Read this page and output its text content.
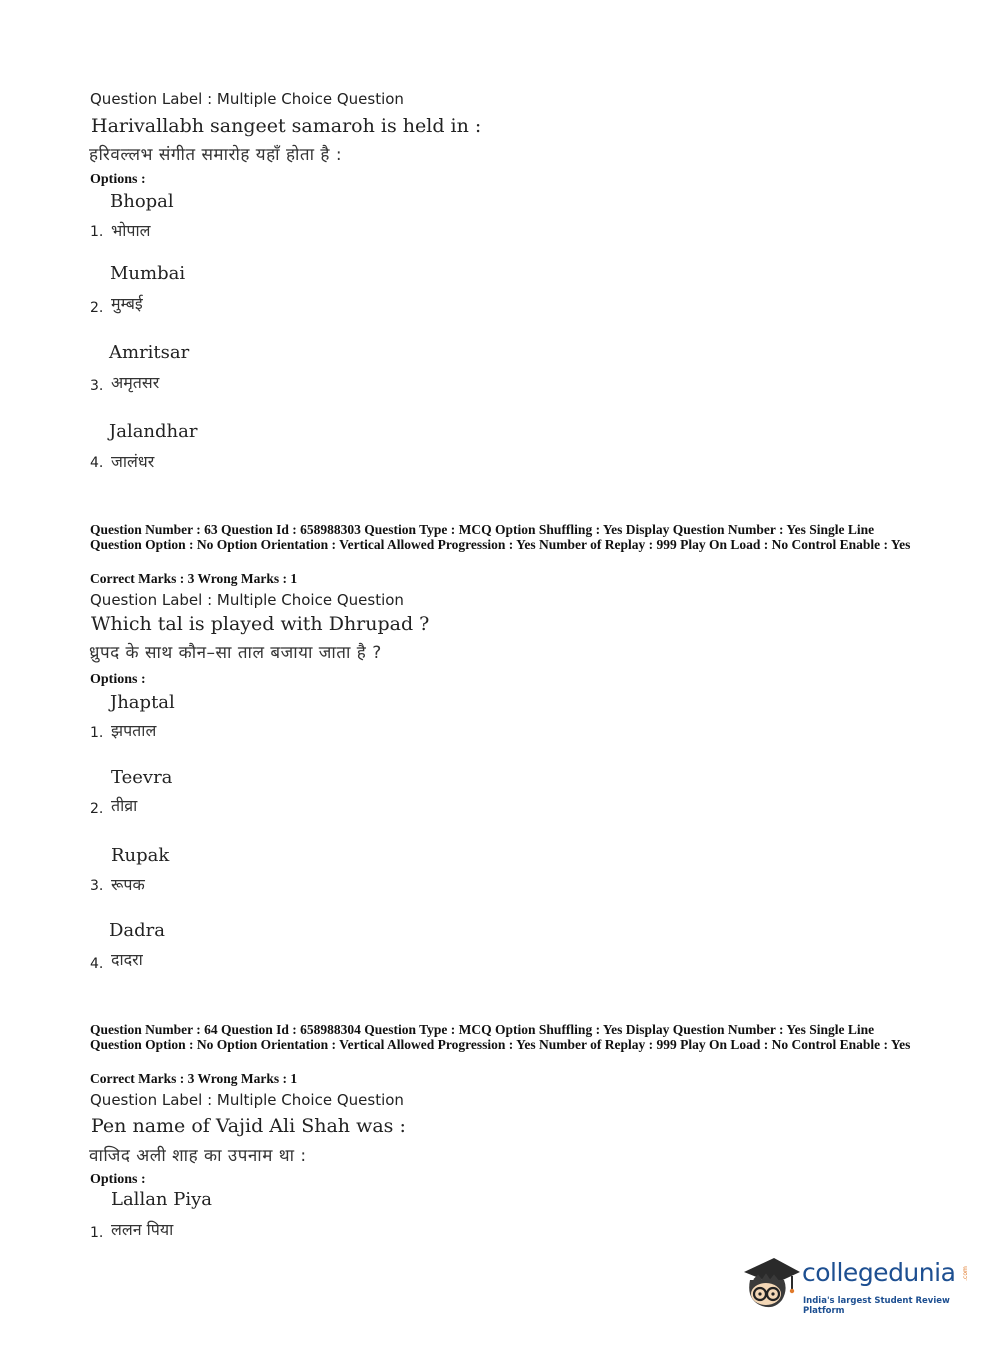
Question Label : Multiple Choice Question
Harivallabh sangeet samaroh is held in :
हरिवल्लभ संगीत समारोह यहाँ होता है :
Options :
Bhopal
1. भोपाल
Mumbai
2. मुम्बई
Amritsar
3. अमृतसर
Jalandhar
4. जालंधर
Question Number : 63 Question Id : 658988303 Question Type : MCQ Option Shuffling : Yes Display Question Number : Yes Single Line Question Option : No Option Orientation : Vertical Allowed Progression : Yes Number of Replay : 999 Play On Load : No Control Enable : Yes
Correct Marks : 3 Wrong Marks : 1
Question Label : Multiple Choice Question
Which tal is played with Dhrupad ?
ध्रुपद के साथ कौन–सा ताल बजाया जाता है ?
Options :
Jhaptal
1. झपताल
Teevra
2. तीव्रा
Rupak
3. रूपक
Dadra
4. दादरा
Question Number : 64 Question Id : 658988304 Question Type : MCQ Option Shuffling : Yes Display Question Number : Yes Single Line Question Option : No Option Orientation : Vertical Allowed Progression : Yes Number of Replay : 999 Play On Load : No Control Enable : Yes
Correct Marks : 3 Wrong Marks : 1
Question Label : Multiple Choice Question
Pen name of Vajid Ali Shah was :
वाजिद अली शाह का उपनाम था :
Options :
Lallan Piya
1. ललन पिया
collegedunia .com
India's largest Student Review Platform
